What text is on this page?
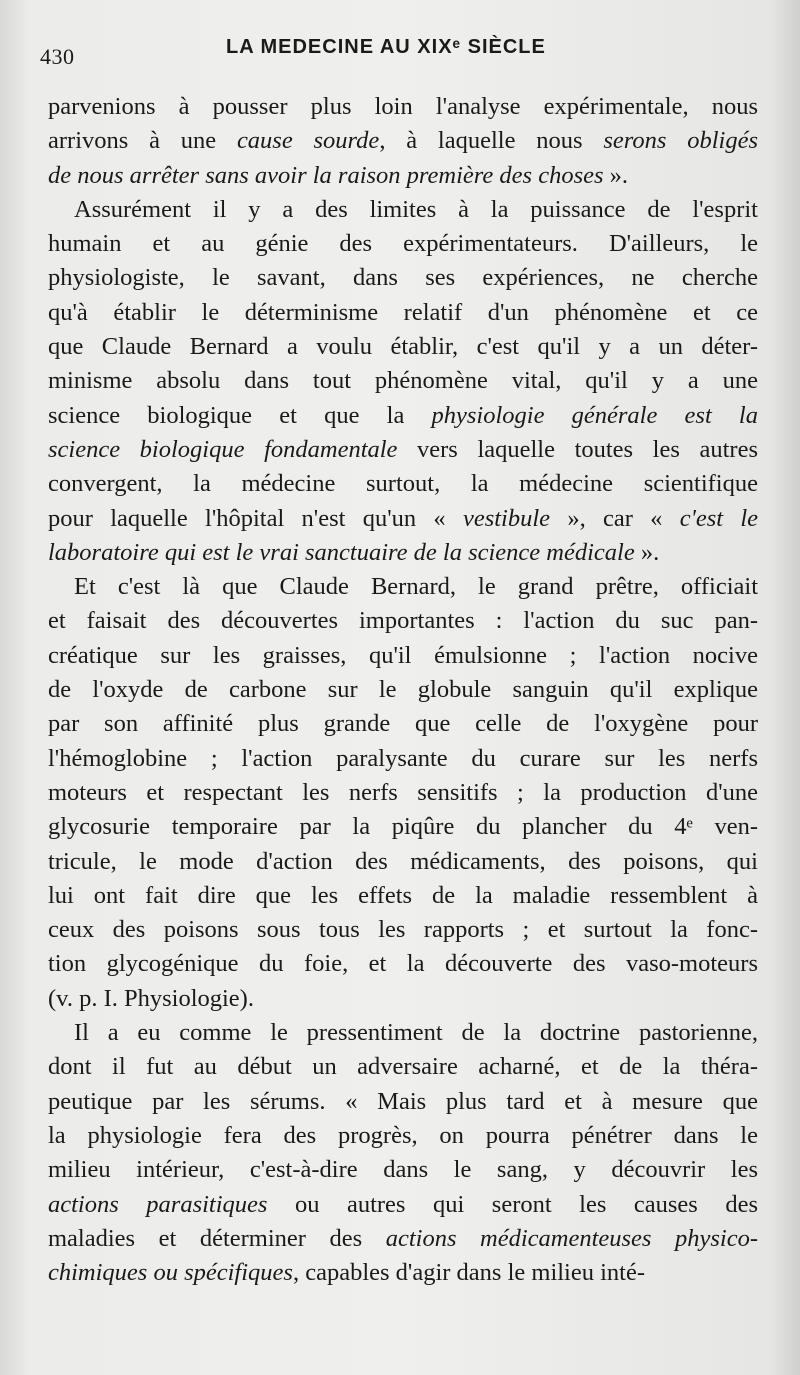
430	LA MEDECINE AU XIXᵉ SIÈCLE
parvenions à pousser plus loin l'analyse expérimentale, nous
arrivons à une cause sourde, à laquelle nous serons obligés
de nous arrêter sans avoir la raison première des choses ».
Assurément il y a des limites à la puissance de l'esprit
humain et au génie des expérimentateurs. D'ailleurs, le
physiologiste, le savant, dans ses expériences, ne cherche
qu'à établir le déterminisme relatif d'un phénomène et ce
que Claude Bernard a voulu établir, c'est qu'il y a un déter-
minisme absolu dans tout phénomène vital, qu'il y a une
science biologique et que la physiologie générale est la
science biologique fondamentale vers laquelle toutes les autres
convergent, la médecine surtout, la médecine scientifique
pour laquelle l'hôpital n'est qu'un « vestibule », car « c'est le
laboratoire qui est le vrai sanctuaire de la science médicale ».
Et c'est là que Claude Bernard, le grand prêtre, officiait
et faisait des découvertes importantes : l'action du suc pan-
créatique sur les graisses, qu'il émulsionne ; l'action nocive
de l'oxyde de carbone sur le globule sanguin qu'il explique
par son affinité plus grande que celle de l'oxygène pour
l'hémoglobine ; l'action paralysante du curare sur les nerfs
moteurs et respectant les nerfs sensitifs ; la production d'une
glycosurie temporaire par la piqûre du plancher du 4ᵉ ven-
tricule, le mode d'action des médicaments, des poisons, qui
lui ont fait dire que les effets de la maladie ressemblent à
ceux des poisons sous tous les rapports ; et surtout la fonc-
tion glycogénique du foie, et la découverte des vaso-moteurs
(v. p. I. Physiologie).
Il a eu comme le pressentiment de la doctrine pastorienne,
dont il fut au début un adversaire acharné, et de la théra-
peutique par les sérums. « Mais plus tard et à mesure que
la physiologie fera des progrès, on pourra pénétrer dans le
milieu intérieur, c'est-à-dire dans le sang, y découvrir les
actions parasitiques ou autres qui seront les causes des
maladies et déterminer des actions médicamenteuses physico-
chimiques ou spécifiques, capables d'agir dans le milieu inté-
